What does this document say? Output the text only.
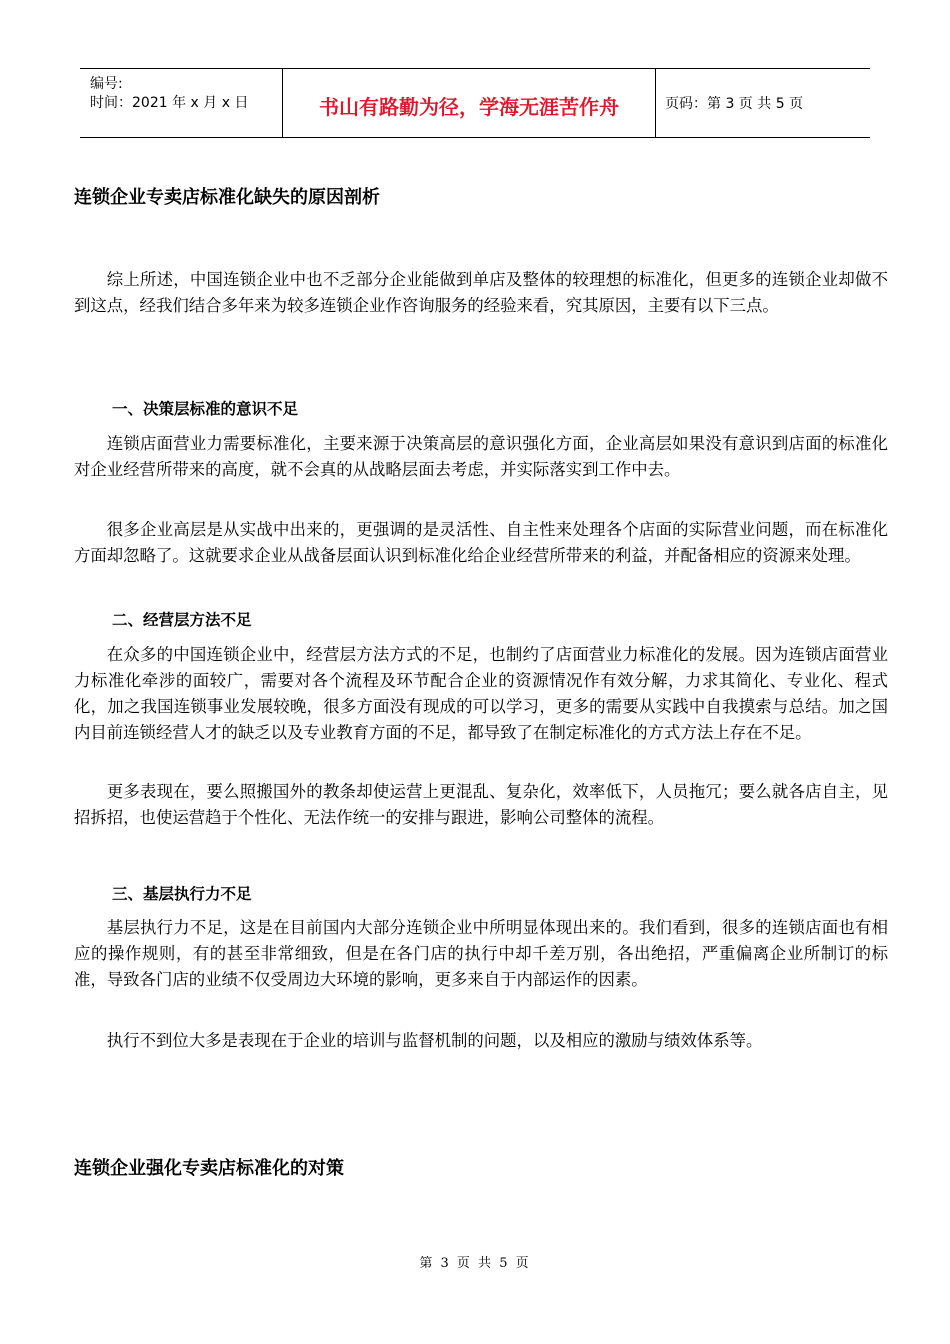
编号:
时间：2021 年 x 月 x 日	书山有路勤为径，学海无涯苦作舟	页码：第 3 页 共 5 页
连锁企业专卖店标准化缺失的原因剖析
综上所述，中国连锁企业中也不乏部分企业能做到单店及整体的较理想的标准化，但更多的连锁企业却做不到这点，经我们结合多年来为较多连锁企业作咨询服务的经验来看，究其原因，主要有以下三点。
一、决策层标准的意识不足
连锁店面营业力需要标准化，主要来源于决策高层的意识强化方面，企业高层如果没有意识到店面的标准化对企业经营所带来的高度，就不会真的从战略层面去考虑，并实际落实到工作中去。
很多企业高层是从实战中出来的，更强调的是灵活性、自主性来处理各个店面的实际营业问题，而在标准化方面却忽略了。这就要求企业从战备层面认识到标准化给企业经营所带来的利益，并配备相应的资源来处理。
二、经营层方法不足
在众多的中国连锁企业中，经营层方法方式的不足，也制约了店面营业力标准化的发展。因为连锁店面营业力标准化牵涉的面较广，需要对各个流程及环节配合企业的资源情况作有效分解，力求其简化、专业化、程式化，加之我国连锁事业发展较晚，很多方面没有现成的可以学习，更多的需要从实践中自我摸索与总结。加之国内目前连锁经营人才的缺乏以及专业教育方面的不足，都导致了在制定标准化的方式方法上存在不足。
更多表现在，要么照搬国外的教条却使运营上更混乱、复杂化，效率低下，人员拖冗；要么就各店自主，见招拆招，也使运营趋于个性化、无法作统一的安排与跟进，影响公司整体的流程。
三、基层执行力不足
基层执行力不足，这是在目前国内大部分连锁企业中所明显体现出来的。我们看到，很多的连锁店面也有相应的操作规则，有的甚至非常细致，但是在各门店的执行中却千差万别，各出绝招，严重偏离企业所制订的标准，导致各门店的业绩不仅受周边大环境的影响，更多来自于内部运作的因素。
执行不到位大多是表现在于企业的培训与监督机制的问题，以及相应的激励与绩效体系等。
连锁企业强化专卖店标准化的对策
第 3 页 共 5 页
